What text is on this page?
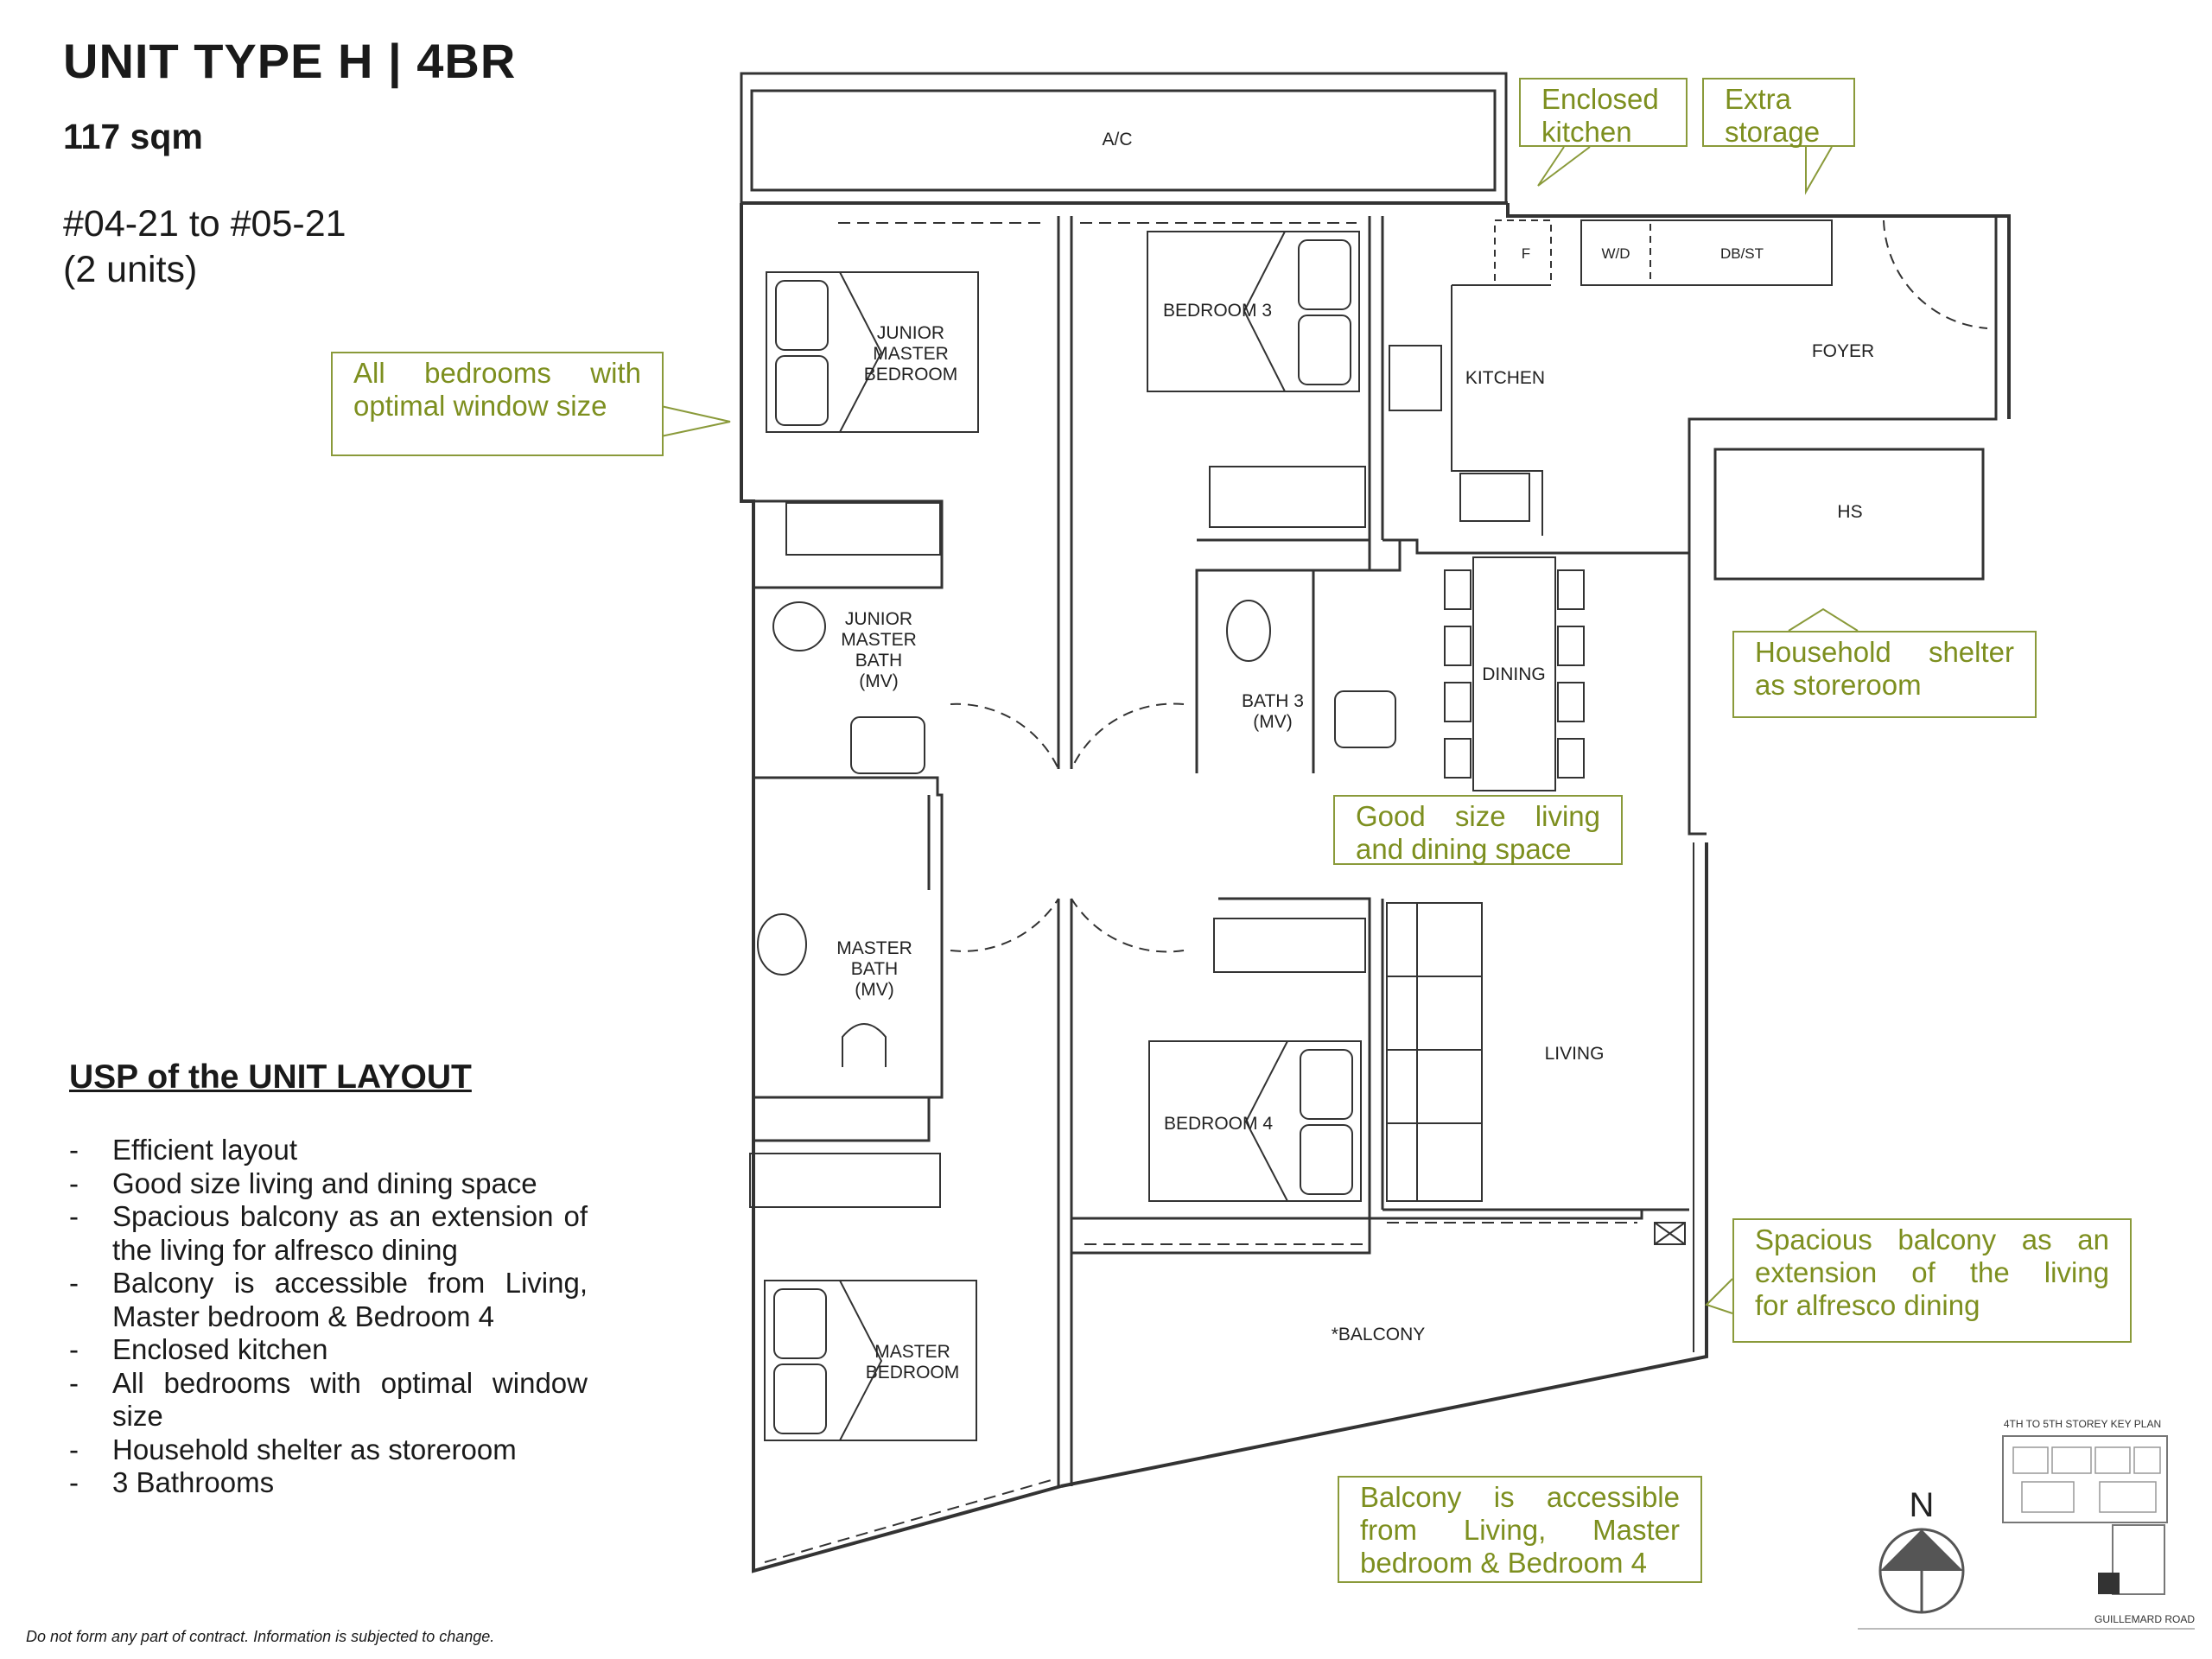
UNIT TYPE H | 4BR
117 sqm
#04-21 to #05-21
(2 units)
A/C
JUNIOR
MASTER
BEDROOM
BEDROOM 3
F	W/D	DB/ST
KITCHEN
FOYER
HS
JUNIOR
MASTER
BATH
(MV)
BATH 3
(MV)
DINING
MASTER
BATH
(MV)
BEDROOM 4
LIVING
*BALCONY
MASTER
BEDROOM
N
4TH TO 5TH STOREY KEY PLAN
GUILLEMARD ROAD
All bedrooms with
optimal window size
Enclosed
kitchen
Extra
storage
Household shelter
as storeroom
Good size living
and dining space
Spacious balcony as an
extension of the living
for alfresco dining
Balcony is accessible
from Living, Master
bedroom & Bedroom 4
USP of the UNIT LAYOUT
- Efficient layout
- Good size living and dining space
- Spacious balcony as an extension of the living for alfresco dining
- Balcony is accessible from Living, Master bedroom & Bedroom 4
- Enclosed kitchen
- All bedrooms with optimal window size
- Household shelter as storeroom
- 3 Bathrooms
Do not form any part of contract. Information is subjected to change.
